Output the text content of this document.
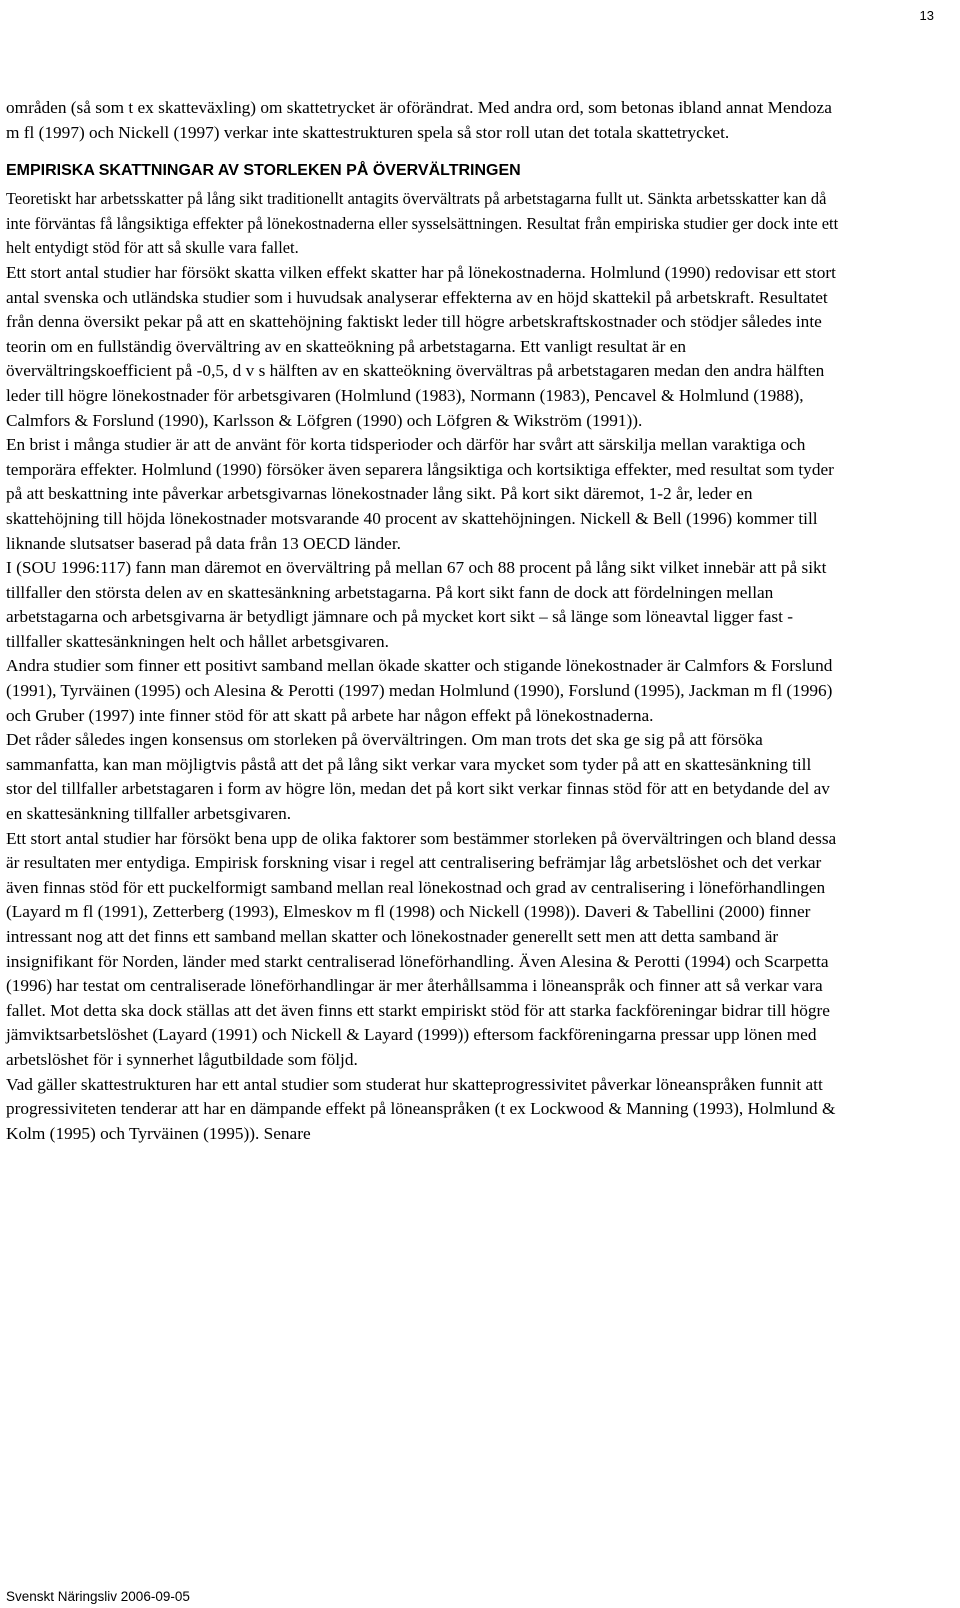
13

områden (så som t ex skatteväxling) om skattetrycket är oförändrat. Med andra ord, som betonas ibland annat Mendoza m fl (1997) och Nickell (1997) verkar inte skattestrukturen spela så stor roll utan det totala skattetrycket.

EMPIRISKA SKATTNINGAR AV STORLEKEN PÅ ÖVERVÄLTRINGEN

Teoretiskt har arbetsskatter på lång sikt traditionellt antagits övervältrats på arbetstagarna fullt ut. Sänkta arbetsskatter kan då inte förväntas få långsiktiga effekter på lönekostnaderna eller sysselsättningen. Resultat från empiriska studier ger dock inte ett helt entydigt stöd för att så skulle vara fallet.

Ett stort antal studier har försökt skatta vilken effekt skatter har på lönekostnaderna. Holmlund (1990) redovisar ett stort antal svenska och utländska studier som i huvudsak analyserar effekterna av en höjd skattekil på arbetskraft. Resultatet från denna översikt pekar på att en skattehöjning faktiskt leder till högre arbetskraftskostnader och stödjer således inte teorin om en fullständig övervältring av en skatteökning på arbetstagarna. Ett vanligt resultat är en övervältringskoefficient på -0,5, d v s hälften av en skatteökning övervältras på arbetstagaren medan den andra hälften leder till högre lönekostnader för arbetsgivaren (Holmlund (1983), Normann (1983), Pencavel & Holmlund (1988), Calmfors & Forslund (1990), Karlsson & Löfgren (1990) och Löfgren & Wikström (1991)).

En brist i många studier är att de använt för korta tidsperioder och därför har svårt att särskilja mellan varaktiga och temporära effekter. Holmlund (1990) försöker även separera långsiktiga och kortsiktiga effekter, med resultat som tyder på att beskattning inte påverkar arbetsgivarnas lönekostnader lång sikt. På kort sikt däremot, 1-2 år, leder en skattehöjning till höjda lönekostnader motsvarande 40 procent av skattehöjningen. Nickell & Bell (1996) kommer till liknande slutsatser baserad på data från 13 OECD länder.

I (SOU 1996:117) fann man däremot en övervältring på mellan 67 och 88 procent på lång sikt vilket innebär att på sikt tillfaller den största delen av en skattesänkning arbetstagarna. På kort sikt fann de dock att fördelningen mellan arbetstagarna och arbetsgivarna är betydligt jämnare och på mycket kort sikt – så länge som löneavtal ligger fast - tillfaller skattesänkningen helt och hållet arbetsgivaren.

Andra studier som finner ett positivt samband mellan ökade skatter och stigande lönekostnader är Calmfors & Forslund (1991), Tyrväinen (1995) och Alesina & Perotti (1997) medan Holmlund (1990), Forslund (1995), Jackman m fl (1996) och Gruber (1997) inte finner stöd för att skatt på arbete har någon effekt på lönekostnaderna.

Det råder således ingen konsensus om storleken på övervältringen. Om man trots det ska ge sig på att försöka sammanfatta, kan man möjligtvis påstå att det på lång sikt verkar vara mycket som tyder på att en skattesänkning till stor del tillfaller arbetstagaren i form av högre lön, medan det på kort sikt verkar finnas stöd för att en betydande del av en skattesänkning tillfaller arbetsgivaren.

Ett stort antal studier har försökt bena upp de olika faktorer som bestämmer storleken på övervältringen och bland dessa är resultaten mer entydiga. Empirisk forskning visar i regel att centralisering befrämjar låg arbetslöshet och det verkar även finnas stöd för ett puckelformigt samband mellan real lönekostnad och grad av centralisering i löneförhandlingen (Layard m fl (1991), Zetterberg (1993), Elmeskov m fl (1998) och Nickell (1998)). Daveri & Tabellini (2000) finner intressant nog att det finns ett samband mellan skatter och lönekostnader generellt sett men att detta samband är insignifikant för Norden, länder med starkt centraliserad löneförhandling. Även Alesina & Perotti (1994) och Scarpetta (1996) har testat om centraliserade löneförhandlingar är mer återhållsamma i löneanspråk och finner att så verkar vara fallet. Mot detta ska dock ställas att det även finns ett starkt empiriskt stöd för att starka fackföreningar bidrar till högre jämviktsarbetslöshet (Layard (1991) och Nickell & Layard (1999)) eftersom fackföreningarna pressar upp lönen med arbetslöshet för i synnerhet lågutbildade som följd.

Vad gäller skattestrukturen har ett antal studier som studerat hur skatteprogressivitet påverkar löneanspråken funnit att progressiviteten tenderar att har en dämpande effekt på löneanspråken (t ex Lockwood & Manning (1993), Holmlund & Kolm (1995) och Tyrväinen (1995)). Senare

Svenskt Näringsliv 2006-09-05
